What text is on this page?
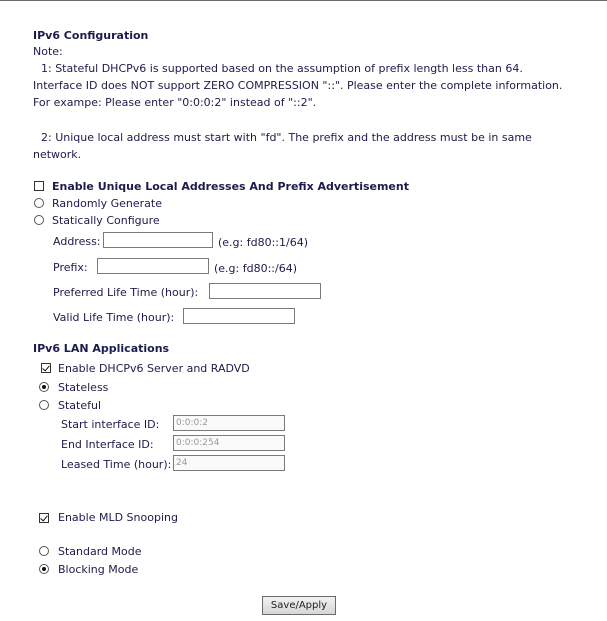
IPv6 Configuration
Note:
1: Stateful DHCPv6 is supported based on the assumption of prefix length less than 64.
Interface ID does NOT support ZERO COMPRESSION "::". Please enter the complete information.
For exampe: Please enter "0:0:0:2" instead of "::2".
2: Unique local address must start with "fd". The prefix and the address must be in same
network.
Enable Unique Local Addresses And Prefix Advertisement
Randomly Generate
Statically Configure
Address:	(e.g: fd80::1/64)
Prefix:	(e.g: fd80::/64)
Preferred Life Time (hour):
Valid Life Time (hour):
IPv6 LAN Applications
Enable DHCPv6 Server and RADVD
Stateless
Stateful
Start interface ID:
0:0:0:2
End Interface ID:
0:0:0:254
Leased Time (hour):
24
Enable MLD Snooping
Standard Mode
Blocking Mode
Save/Apply
